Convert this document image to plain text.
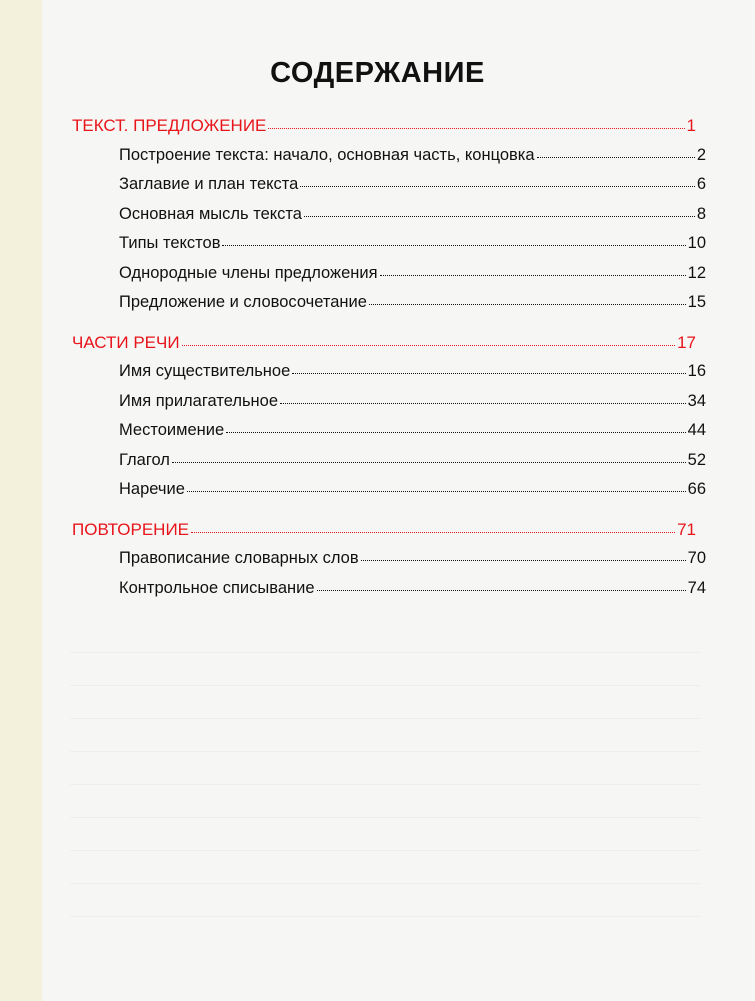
СОДЕРЖАНИЕ
ТЕКСТ. ПРЕДЛОЖЕНИЕ	1
Построение текста: начало, основная часть, концовка	2
Заглавие и план текста	6
Основная мысль текста	8
Типы текстов	10
Однородные члены предложения	12
Предложение и словосочетание	15
ЧАСТИ РЕЧИ	17
Имя существительное	16
Имя прилагательное	34
Местоимение	44
Глагол	52
Наречие	66
ПОВТОРЕНИЕ	71
Правописание словарных слов	70
Контрольное списывание	74
